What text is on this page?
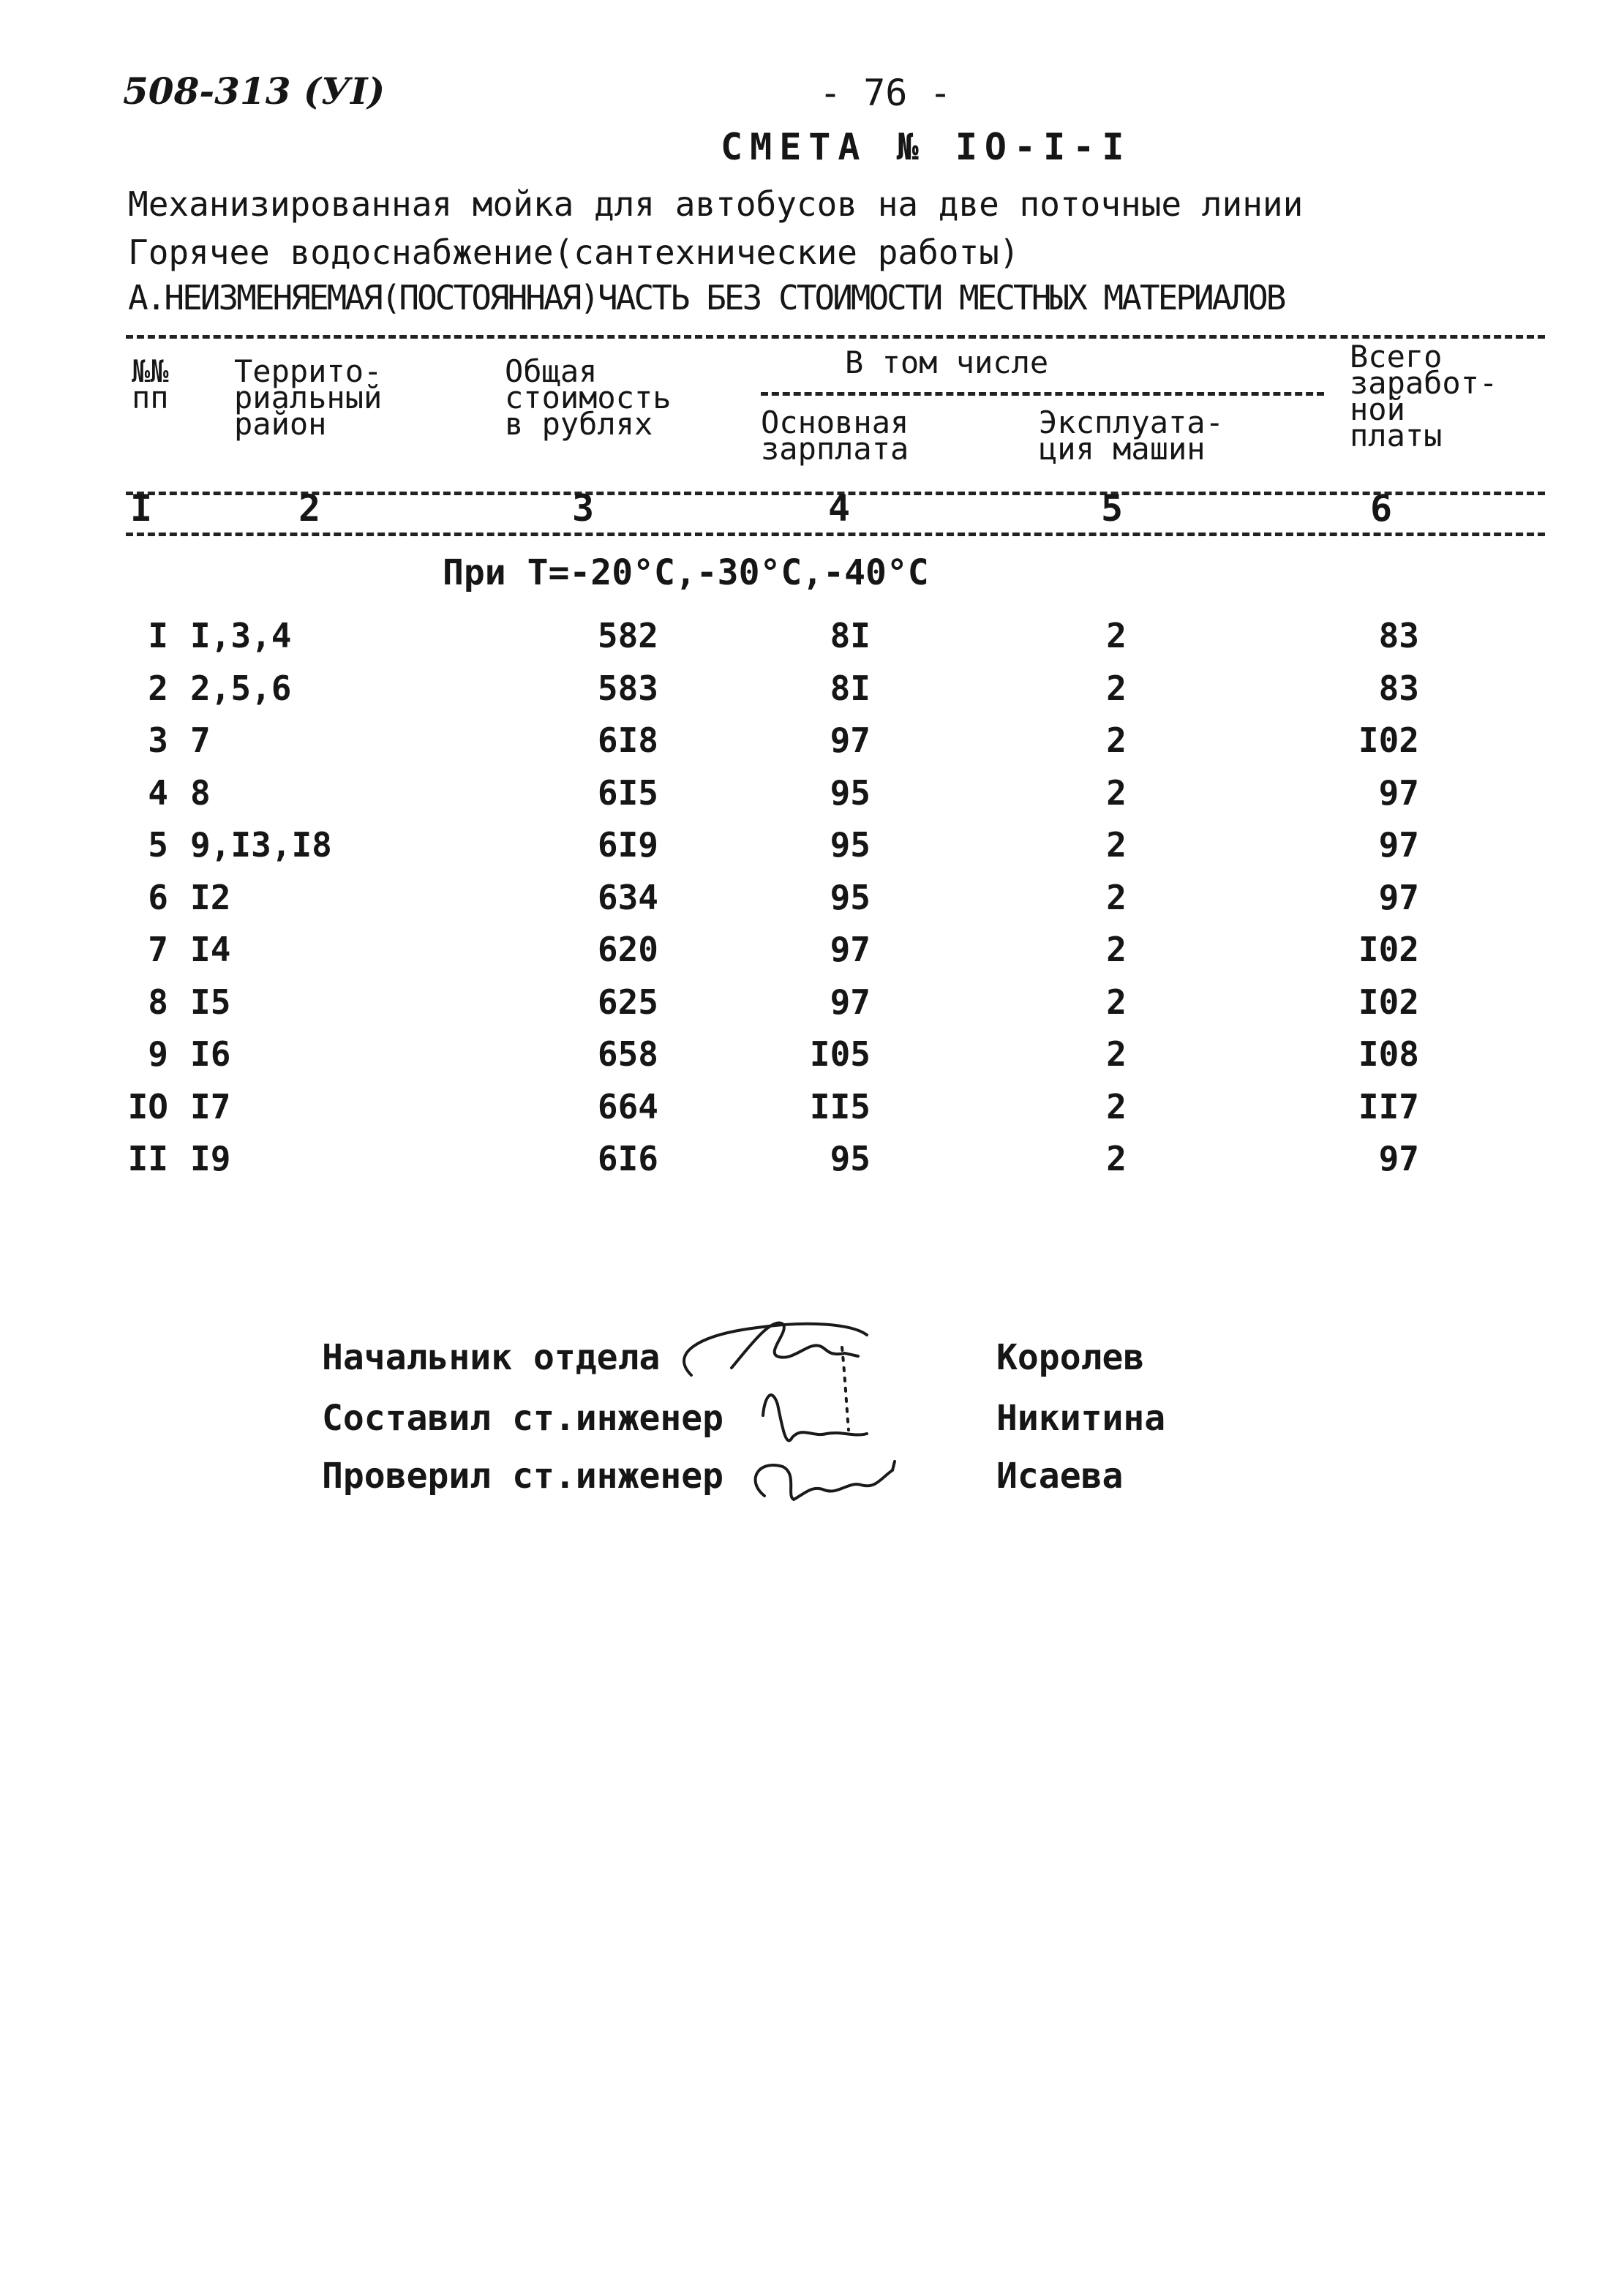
508-313 (УI)	- 76 -
СМЕТА № IO-I-I
Механизированная мойка для автобусов на две поточные линии
Горячее водоснабжение(сантехнические работы)
А.НЕИЗМЕНЯЕМАЯ(ПОСТОЯННАЯ)ЧАСТЬ БЕЗ СТОИМОСТИ МЕСТНЫХ МАТЕРИАЛОВ
№№
пп
Террито-
риальный
район
Общая
стоимость
в рублях
В том числе
Основная
зарплата
Эксплуата-
ция машин
Всего
заработ-
ной
платы
I	2	3	4	5	6
При Т=-20°С,-30°С,-40°С
I I,3,4	582	8I	2	83
2 2,5,6	583	8I	2	83
3 7	6I8	97	2	I02
4 8	6I5	95	2	97
5 9,I3,I8	6I9	95	2	97
6 I2	634	95	2	97
7 I4	620	97	2	I02
8 I5	625	97	2	I02
9 I6	658	I05	2	I08
IO I7	664	II5	2	II7
II I9	6I6	95	2	97
Начальник отдела	Королев
Составил ст.инженер	Никитина
Проверил ст.инженер	Исаева
